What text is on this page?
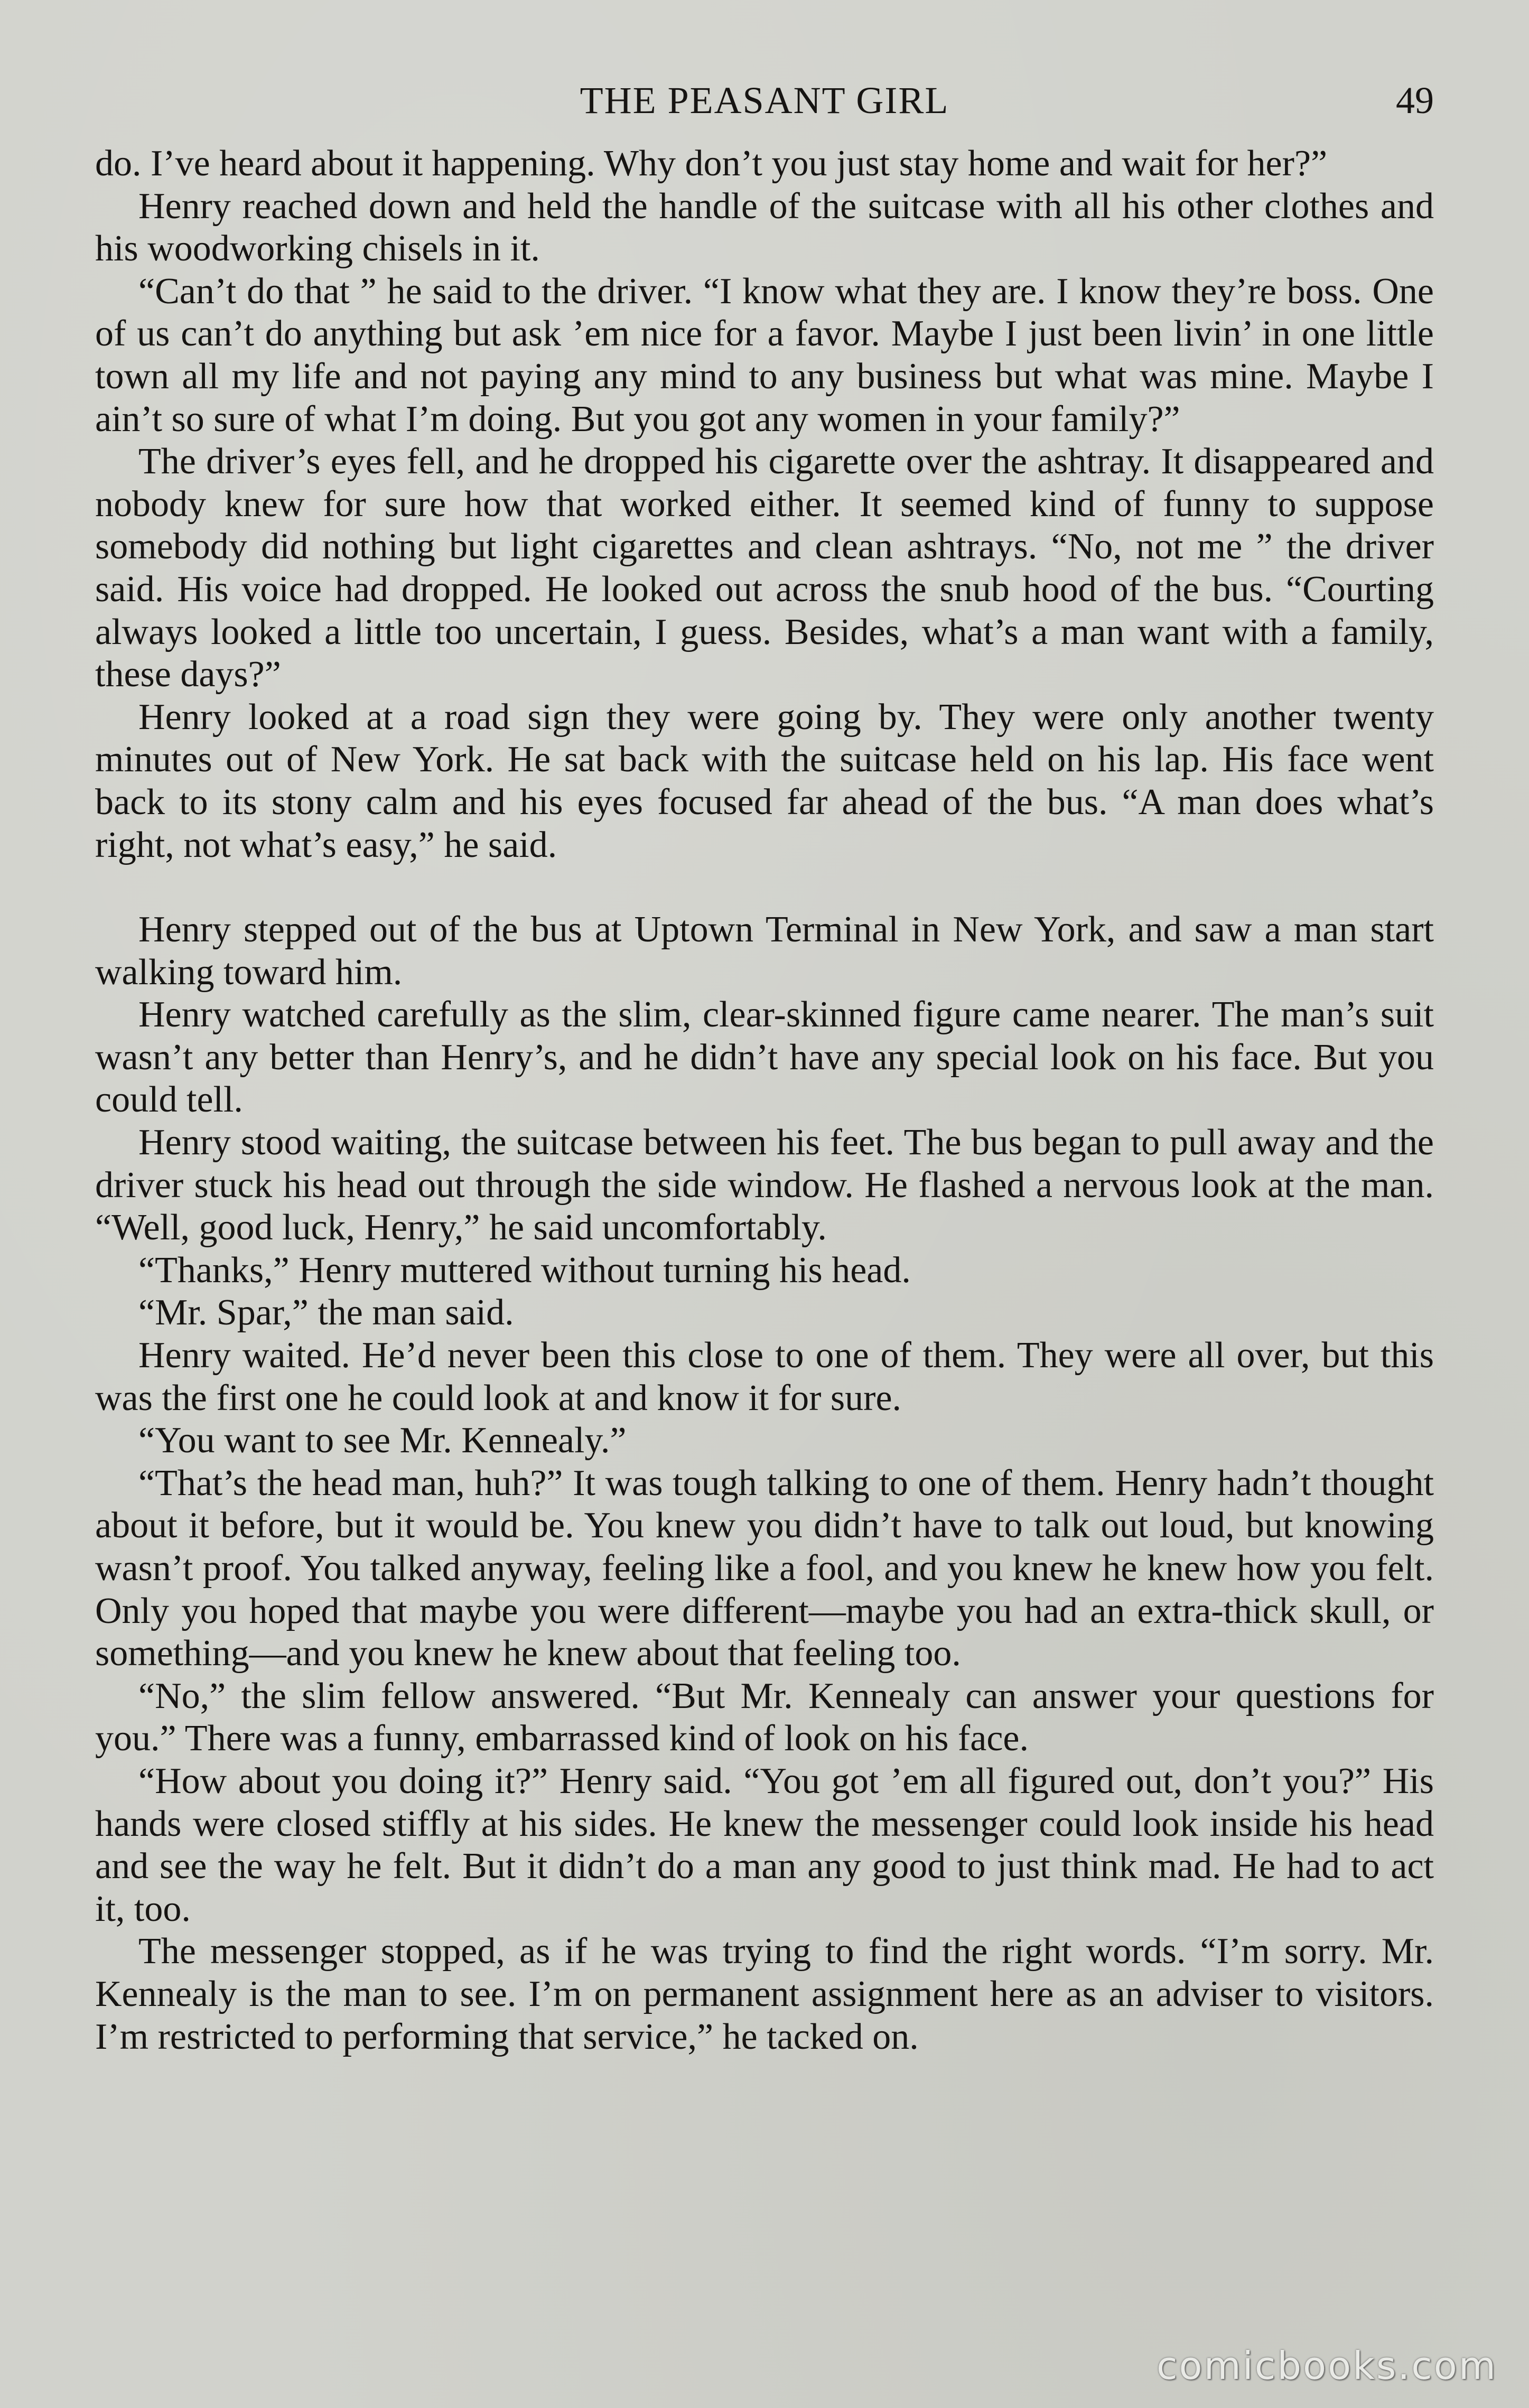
THE PEASANT GIRL	49

do. I’ve heard about it happening. Why don’t you just stay home and wait for her?”

Henry reached down and held the handle of the suitcase with all his other clothes and his woodworking chisels in it.

“Can’t do that ” he said to the driver. “I know what they are. I know they’re boss. One of us can’t do anything but ask ’em nice for a favor. Maybe I just been livin’ in one little town all my life and not paying any mind to any business but what was mine. Maybe I ain’t so sure of what I’m doing. But you got any women in your family?”

The driver’s eyes fell, and he dropped his cigarette over the ashtray. It disappeared and nobody knew for sure how that worked either. It seemed kind of funny to suppose somebody did nothing but light cigarettes and clean ashtrays. “No, not me ” the driver said. His voice had dropped. He looked out across the snub hood of the bus. “Courting always looked a little too uncertain, I guess. Besides, what’s a man want with a family, these days?”

Henry looked at a road sign they were going by. They were only another twenty minutes out of New York. He sat back with the suitcase held on his lap. His face went back to its stony calm and his eyes focused far ahead of the bus. “A man does what’s right, not what’s easy,” he said.

Henry stepped out of the bus at Uptown Terminal in New York, and saw a man start walking toward him.

Henry watched carefully as the slim, clear-skinned figure came nearer. The man’s suit wasn’t any better than Henry’s, and he didn’t have any special look on his face. But you could tell.

Henry stood waiting, the suitcase between his feet. The bus began to pull away and the driver stuck his head out through the side window. He flashed a nervous look at the man. “Well, good luck, Henry,” he said uncomfortably.

“Thanks,” Henry muttered without turning his head.

“Mr. Spar,” the man said.

Henry waited. He’d never been this close to one of them. They were all over, but this was the first one he could look at and know it for sure.

“You want to see Mr. Kennealy.”

“That’s the head man, huh?” It was tough talking to one of them. Henry hadn’t thought about it before, but it would be. You knew you didn’t have to talk out loud, but knowing wasn’t proof. You talked anyway, feeling like a fool, and you knew he knew how you felt. Only you hoped that maybe you were different—maybe you had an extra-thick skull, or something—and you knew he knew about that feeling too.

“No,” the slim fellow answered. “But Mr. Kennealy can answer your questions for you.” There was a funny, embarrassed kind of look on his face.

“How about you doing it?” Henry said. “You got ’em all figured out, don’t you?” His hands were closed stiffly at his sides. He knew the messenger could look inside his head and see the way he felt. But it didn’t do a man any good to just think mad. He had to act it, too.

The messenger stopped, as if he was trying to find the right words. “I’m sorry. Mr. Kennealy is the man to see. I’m on permanent assignment here as an adviser to visitors. I’m restricted to performing that service,” he tacked on.

comicbooks.com
